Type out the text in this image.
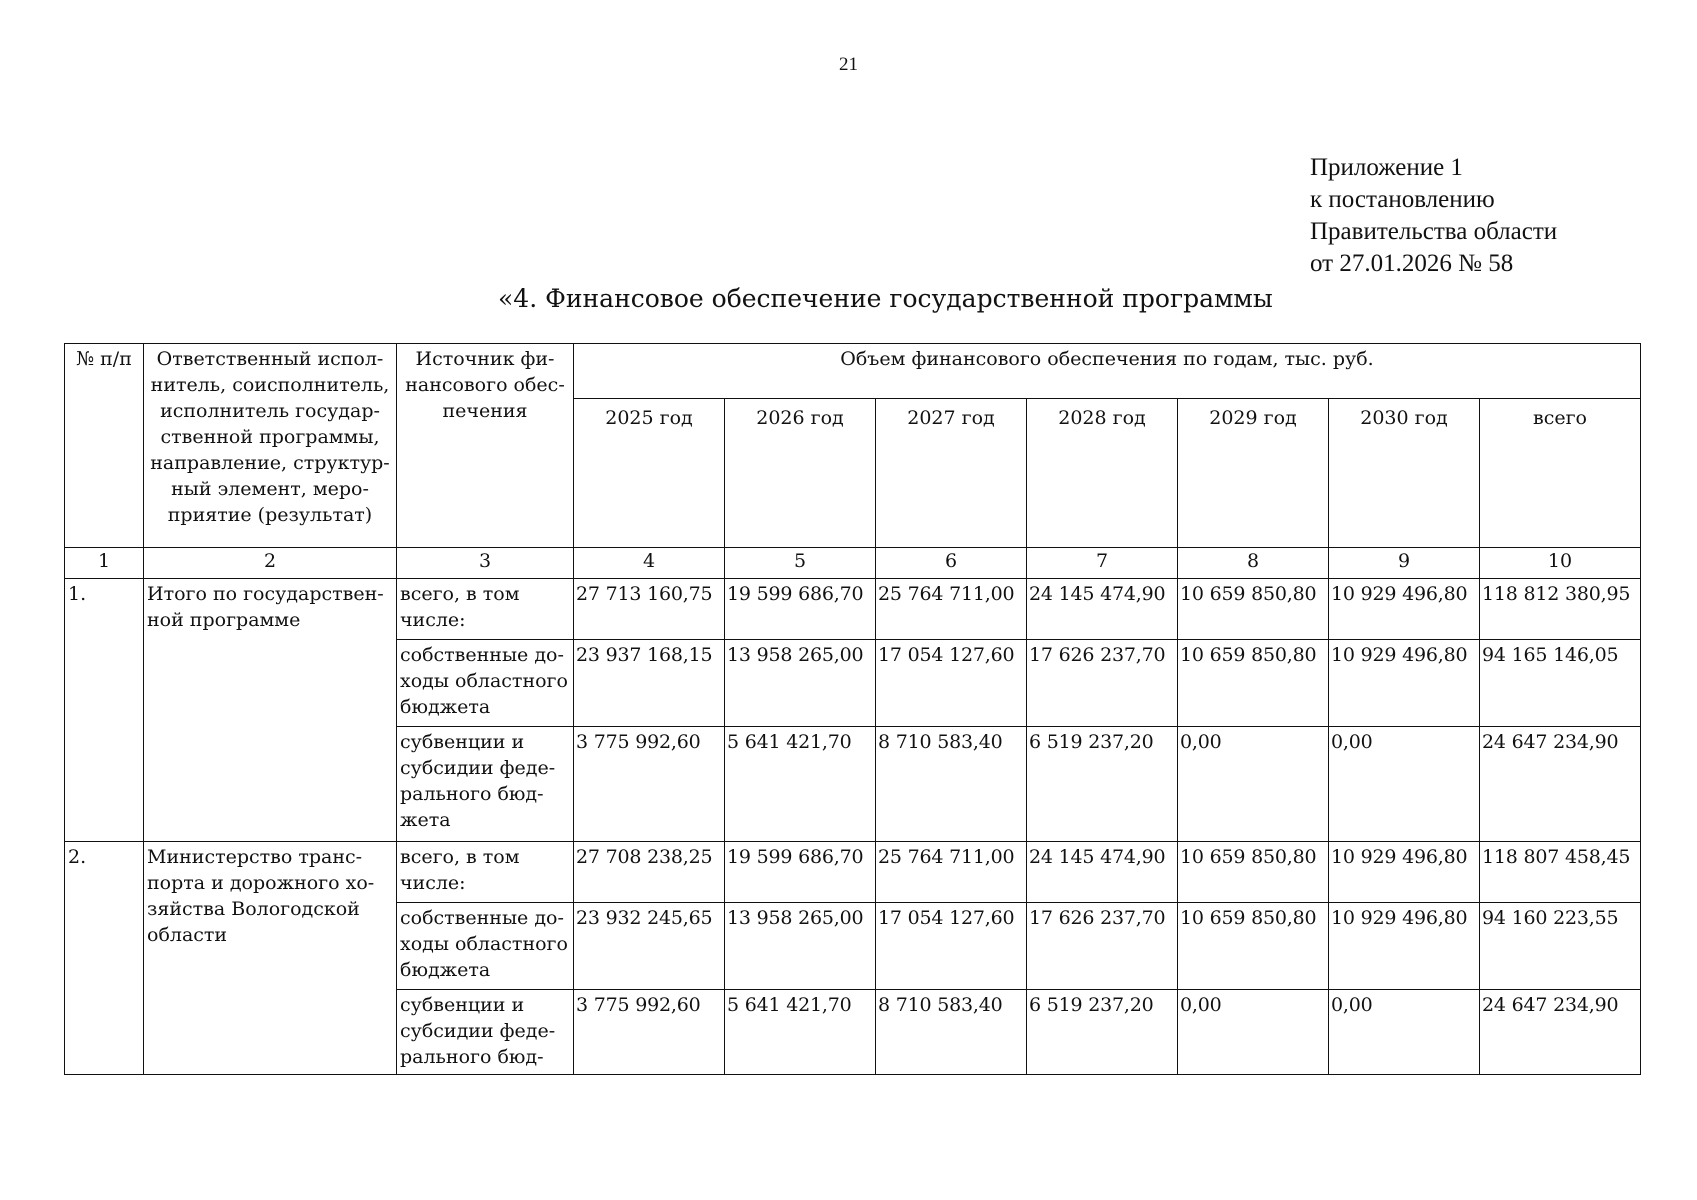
21
Приложение 1
к постановлению
Правительства области
от 27.01.2026 № 58
«4. Финансовое обеспечение государственной программы
№ п/п	Ответственный испол-нитель, соисполнитель, исполнитель государ-ственной программы, направление, структур-ный элемент, меро-приятие (результат)	Источник фи-нансового обес-печения	Объем финансового обеспечения по годам, тыс. руб.						
			2025 год	2026 год	2027 год	2028 год	2029 год	2030 год	всего
1	2	3	4	5	6	7	8	9	10
1.	Итого по государствен-ной программе	всего, в том числе:	27 713 160,75	19 599 686,70	25 764 711,00	24 145 474,90	10 659 850,80	10 929 496,80	118 812 380,95
		собственные до-ходы областного бюджета	23 937 168,15	13 958 265,00	17 054 127,60	17 626 237,70	10 659 850,80	10 929 496,80	94 165 146,05
		субвенции и субсидии феде-рального бюд-жета	3 775 992,60	5 641 421,70	8 710 583,40	6 519 237,20	0,00	0,00	24 647 234,90
2.	Министерство транс-порта и дорожного хо-зяйства Вологодской области	всего, в том числе:	27 708 238,25	19 599 686,70	25 764 711,00	24 145 474,90	10 659 850,80	10 929 496,80	118 807 458,45
		собственные до-ходы областного бюджета	23 932 245,65	13 958 265,00	17 054 127,60	17 626 237,70	10 659 850,80	10 929 496,80	94 160 223,55
		субвенции и субсидии феде-рального бюд-	3 775 992,60	5 641 421,70	8 710 583,40	6 519 237,20	0,00	0,00	24 647 234,90
